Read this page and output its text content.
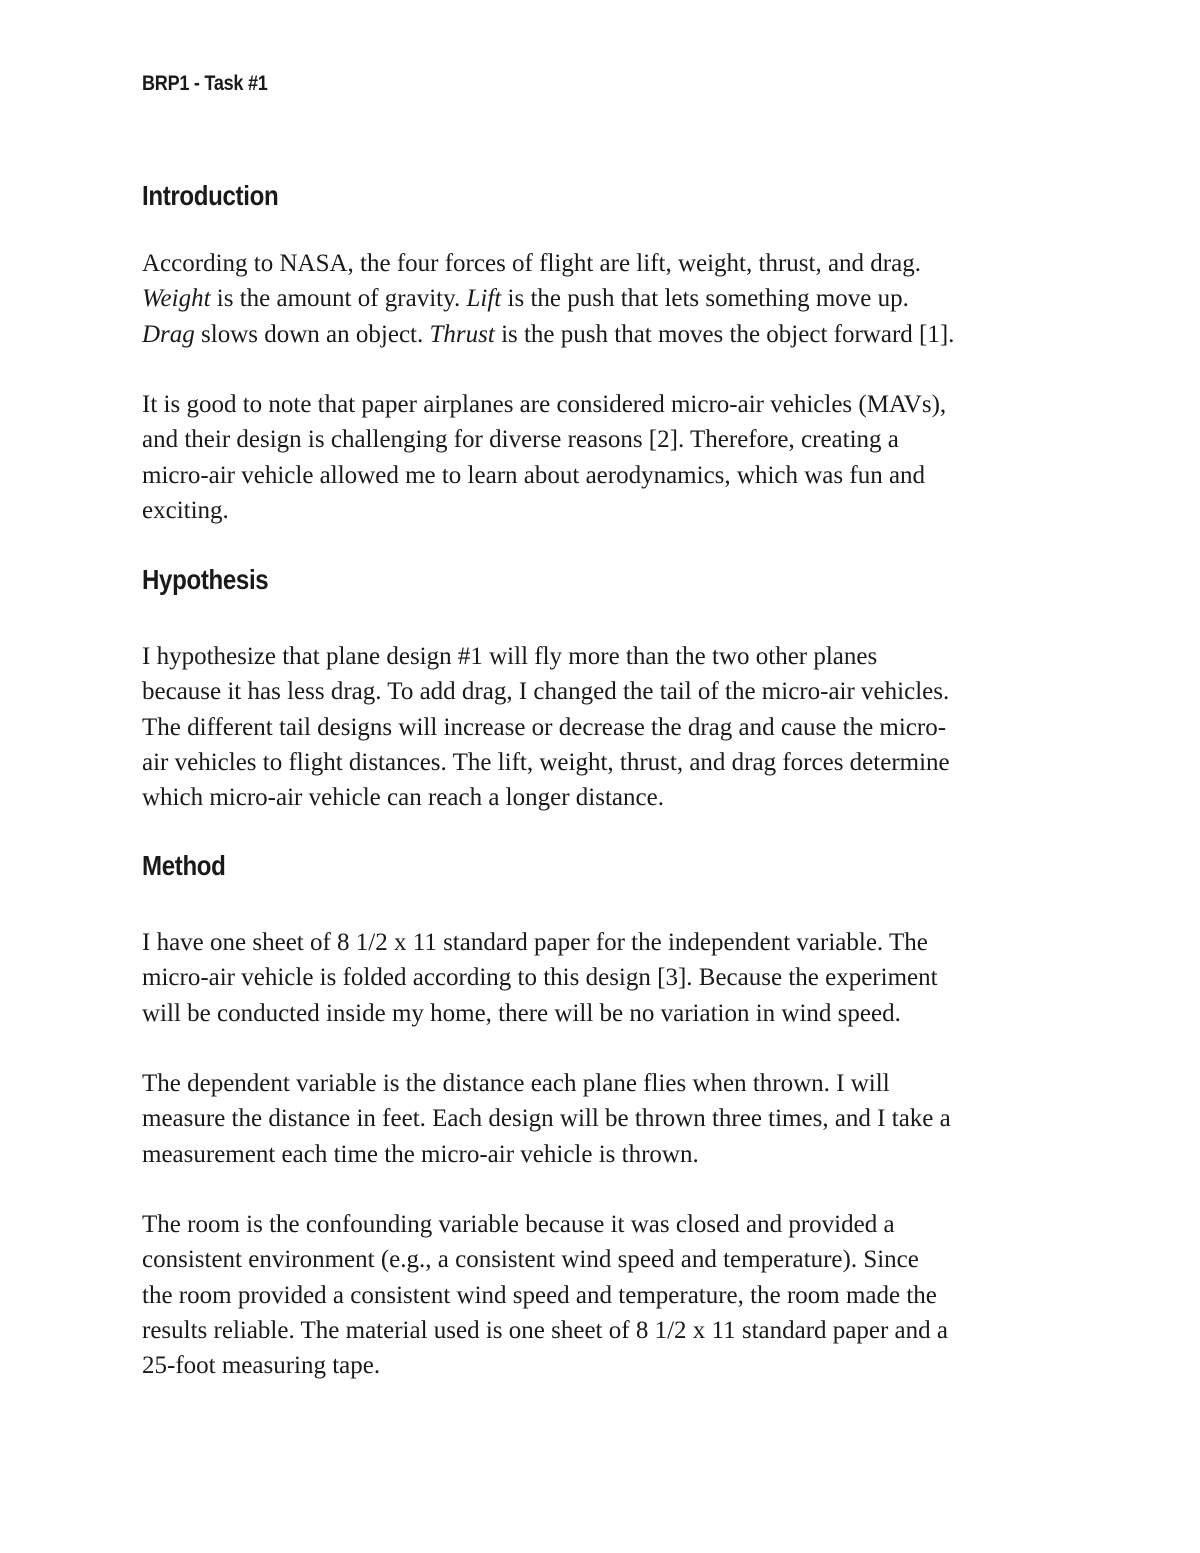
BRP1 - Task #1
Introduction

According to NASA, the four forces of flight are lift, weight, thrust, and drag.
Weight is the amount of gravity. Lift is the push that lets something move up.
Drag slows down an object. Thrust is the push that moves the object forward [1].

It is good to note that paper airplanes are considered micro-air vehicles (MAVs),
and their design is challenging for diverse reasons [2]. Therefore, creating a
micro-air vehicle allowed me to learn about aerodynamics, which was fun and
exciting.

Hypothesis

I hypothesize that plane design #1 will fly more than the two other planes
because it has less drag. To add drag, I changed the tail of the micro-air vehicles.
The different tail designs will increase or decrease the drag and cause the micro-
air vehicles to flight distances. The lift, weight, thrust, and drag forces determine
which micro-air vehicle can reach a longer distance.

Method

I have one sheet of 8 1/2 x 11 standard paper for the independent variable. The
micro-air vehicle is folded according to this design [3]. Because the experiment
will be conducted inside my home, there will be no variation in wind speed.

The dependent variable is the distance each plane flies when thrown. I will
measure the distance in feet. Each design will be thrown three times, and I take a
measurement each time the micro-air vehicle is thrown.

The room is the confounding variable because it was closed and provided a
consistent environment (e.g., a consistent wind speed and temperature). Since
the room provided a consistent wind speed and temperature, the room made the
results reliable. The material used is one sheet of 8 1/2 x 11 standard paper and a
25-foot measuring tape.
